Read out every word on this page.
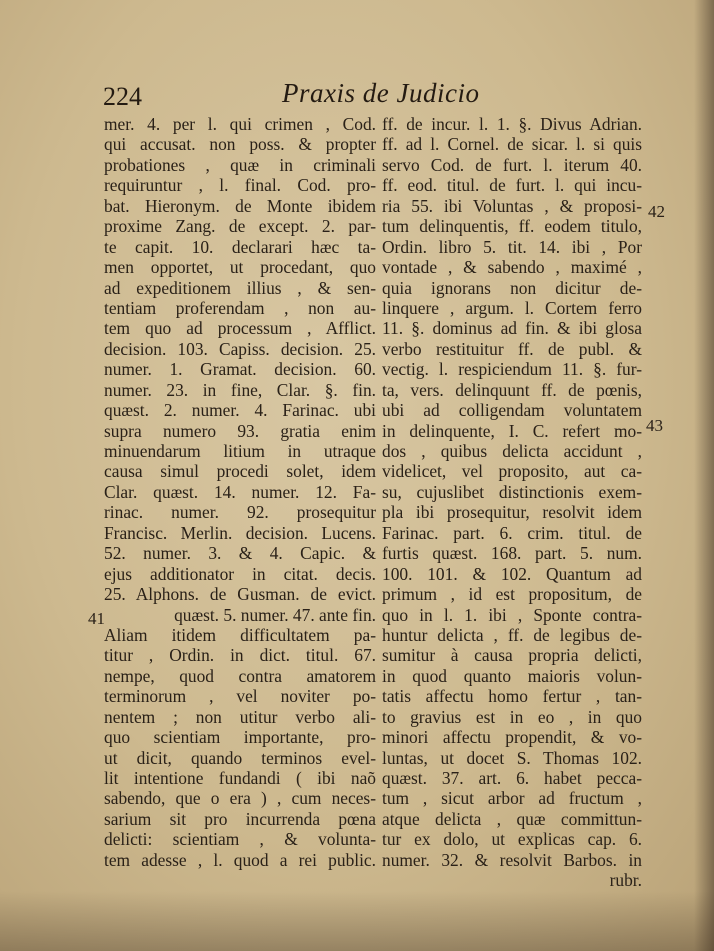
224	Praxis de Judicio
mer. 4. per l. qui crimen , Cod.
qui accusat. non poss. & propter
probationes , quæ in criminali
requiruntur , l. final. Cod. pro-
bat. Hieronym. de Monte ibidem
proxime Zang. de except. 2. par-
te capit. 10. declarari hæc ta-
men opportet, ut procedant, quo
ad expeditionem illius , & sen-
tentiam proferendam , non au-
tem quo ad processum , Afflict.
decision. 103. Capiss. decision. 25.
numer. 1. Gramat. decision. 60.
numer. 23. in fine, Clar. §. fin.
quæst. 2. numer. 4. Farinac. ubi
supra numero 93. gratia enim
minuendarum litium in utraque
causa simul procedi solet, idem
Clar. quæst. 14. numer. 12. Fa-
rinac. numer. 92. prosequitur
Francisc. Merlin. decision. Lucens.
52. numer. 3. & 4. Capic. &
ejus additionator in citat. decis.
25. Alphons. de Gusman. de evict.
quæst. 5. numer. 47. ante fin.
Aliam itidem difficultatem pa-
titur , Ordin. in dict. titul. 67.
nempe, quod contra amatorem
terminorum , vel noviter po-
nentem ; non utitur verbo ali-
quo scientiam importante, pro-
ut dicit, quando terminos evel-
lit intentione fundandi ( ibi naõ
sabendo, que o era ) , cum neces-
sarium sit pro incurrenda pœna
delicti: scientiam , & volunta-
tem adesse , l. quod a rei public.
ff. de incur. l. 1. §. Divus Adrian.
ff. ad l. Cornel. de sicar. l. si quis
servo Cod. de furt. l. iterum 40.
ff. eod. titul. de furt. l. qui incu-
ria 55. ibi Voluntas , & proposi-
tum delinquentis, ff. eodem titulo,
Ordin. libro 5. tit. 14. ibi , Por
vontade , & sabendo , maximé ,
quia ignorans non dicitur de-
linquere , argum. l. Cortem ferro
11. §. dominus ad fin. & ibi glosa
verbo restituitur ff. de publ. &
vectig. l. respiciendum 11. §. fur-
ta, vers. delinquunt ff. de pœnis,
ubi ad colligendam voluntatem
in delinquente, I. C. refert mo-
dos , quibus delicta accidunt ,
videlicet, vel proposito, aut ca-
su, cujuslibet distinctionis exem-
pla ibi prosequitur, resolvit idem
Farinac. part. 6. crim. titul. de
furtis quæst. 168. part. 5. num.
100. 101. & 102. Quantum ad
primum , id est propositum, de
quo in l. 1. ibi , Sponte contra-
huntur delicta , ff. de legibus de-
sumitur à causa propria delicti,
in quod quanto maioris volun-
tatis affectu homo fertur , tan-
to gravius est in eo , in quo
minori affectu propendit, & vo-
luntas, ut docet S. Thomas 102.
quæst. 37. art. 6. habet pecca-
tum , sicut arbor ad fructum ,
atque delicta , quæ committun-
tur ex dolo, ut explicas cap. 6.
numer. 32. & resolvit Barbos. in
rubr.
41
42
43
